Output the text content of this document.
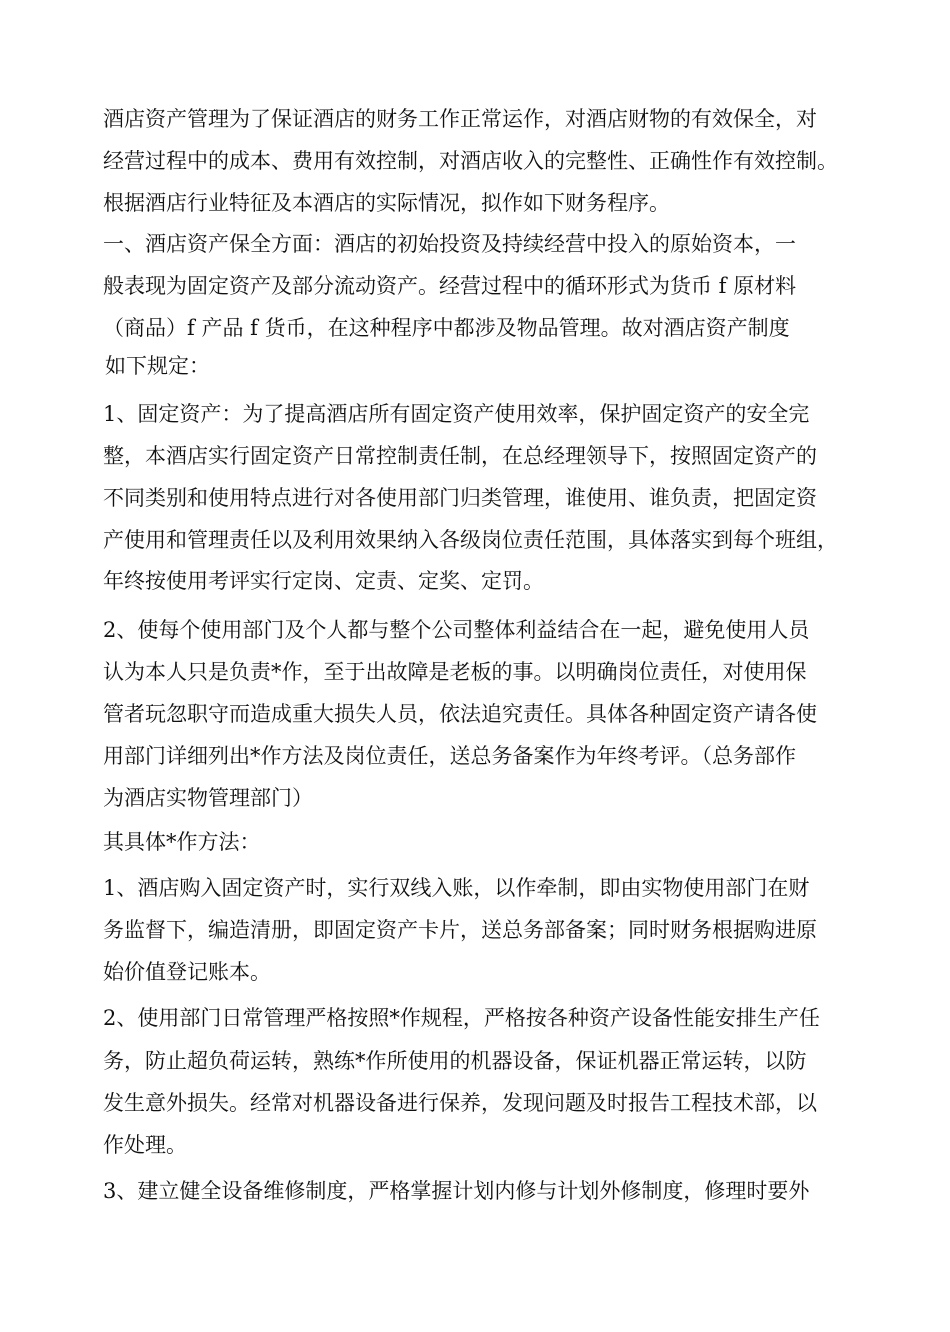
酒店资产管理为了保证酒店的财务工作正常运作，对酒店财物的有效保全，对
经营过程中的成本、费用有效控制，对酒店收入的完整性、正确性作有效控制。
根据酒店行业特征及本酒店的实际情况，拟作如下财务程序。
一、酒店资产保全方面：酒店的初始投资及持续经营中投入的原始资本，一
般表现为固定资产及部分流动资产。经营过程中的循环形式为货币 f 原材料
（商品）f 产品 f 货币，在这种程序中都涉及物品管理。故对酒店资产制度
如下规定：
1、固定资产：为了提高酒店所有固定资产使用效率，保护固定资产的安全完
整，本酒店实行固定资产日常控制责任制，在总经理领导下，按照固定资产的
不同类别和使用特点进行对各使用部门归类管理，谁使用、谁负责，把固定资
产使用和管理责任以及利用效果纳入各级岗位责任范围，具体落实到每个班组，
年终按使用考评实行定岗、定责、定奖、定罚。
2、使每个使用部门及个人都与整个公司整体利益结合在一起，避免使用人员
认为本人只是负责*作，至于出故障是老板的事。以明确岗位责任，对使用保
管者玩忽职守而造成重大损失人员，依法追究责任。具体各种固定资产请各使
用部门详细列出*作方法及岗位责任，送总务备案作为年终考评。（总务部作
为酒店实物管理部门）
其具体*作方法：
1、酒店购入固定资产时，实行双线入账，以作牵制，即由实物使用部门在财
务监督下，编造清册，即固定资产卡片，送总务部备案；同时财务根据购进原
始价值登记账本。
2、使用部门日常管理严格按照*作规程，严格按各种资产设备性能安排生产任
务，防止超负荷运转，熟练*作所使用的机器设备，保证机器正常运转，以防
发生意外损失。经常对机器设备进行保养，发现问题及时报告工程技术部，以
作处理。
3、建立健全设备维修制度，严格掌握计划内修与计划外修制度，修理时要外
